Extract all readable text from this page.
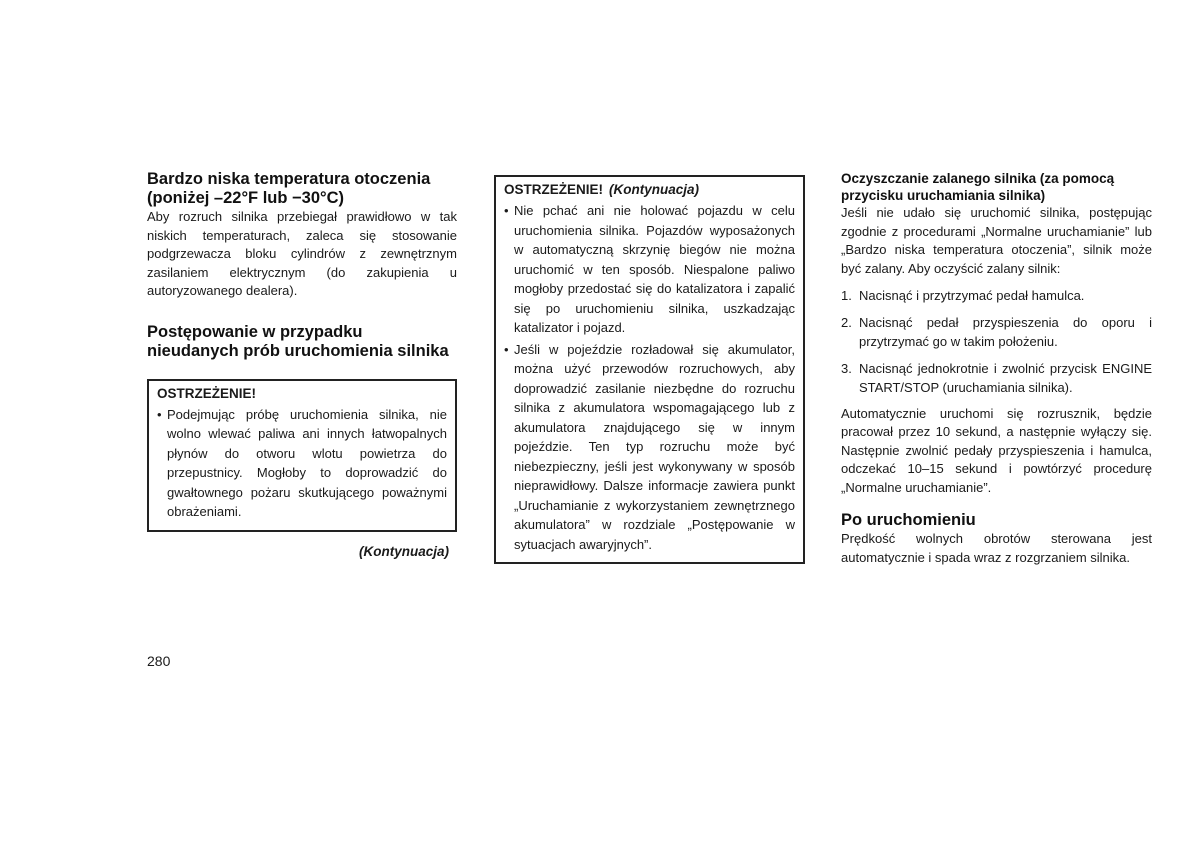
Bardzo niska temperatura otoczenia (poniżej –22°F lub −30°C)

Aby rozruch silnika przebiegał prawidłowo w tak niskich temperaturach, zaleca się stosowanie podgrzewacza bloku cylindrów z zewnętrznym zasilaniem elektrycznym (do zakupienia u autoryzowanego dealera).

Postępowanie w przypadku nieudanych prób uruchomienia silnika

OSTRZEŻENIE!

• Podejmując próbę uruchomienia silnika, nie wolno wlewać paliwa ani innych łatwopalnych płynów do otworu wlotu powietrza do przepustnicy. Mogłoby to doprowadzić do gwałtownego pożaru skutkującego poważnymi obrażeniami.

(Kontynuacja)

OSTRZEŻENIE! (Kontynuacja)

• Nie pchać ani nie holować pojazdu w celu uruchomienia silnika. Pojazdów wyposażonych w automatyczną skrzynię biegów nie można uruchomić w ten sposób. Niespalone paliwo mogłoby przedostać się do katalizatora i zapalić się po uruchomieniu silnika, uszkadzając katalizator i pojazd.

• Jeśli w pojeździe rozładował się akumulator, można użyć przewodów rozruchowych, aby doprowadzić zasilanie niezbędne do rozruchu silnika z akumulatora wspomagającego lub z akumulatora znajdującego się w innym pojeździe. Ten typ rozruchu może być niebezpieczny, jeśli jest wykonywany w sposób nieprawidłowy. Dalsze informacje zawiera punkt „Uruchamianie z wykorzystaniem zewnętrznego akumulatora” w rozdziale „Postępowanie w sytuacjach awaryjnych”.

Oczyszczanie zalanego silnika (za pomocą przycisku uruchamiania silnika)

Jeśli nie udało się uruchomić silnika, postępując zgodnie z procedurami „Normalne uruchamianie” lub „Bardzo niska temperatura otoczenia”, silnik może być zalany. Aby oczyścić zalany silnik:

1. Nacisnąć i przytrzymać pedał hamulca.
2. Nacisnąć pedał przyspieszenia do oporu i przytrzymać go w takim położeniu.
3. Nacisnąć jednokrotnie i zwolnić przycisk ENGINE START/STOP (uruchamiania silnika).

Automatycznie uruchomi się rozrusznik, będzie pracował przez 10 sekund, a następnie wyłączy się. Następnie zwolnić pedały przyspieszenia i hamulca, odczekać 10–15 sekund i powtórzyć procedurę „Normalne uruchamianie”.

Po uruchomieniu

Prędkość wolnych obrotów sterowana jest automatycznie i spada wraz z rozgrzaniem silnika.

280
